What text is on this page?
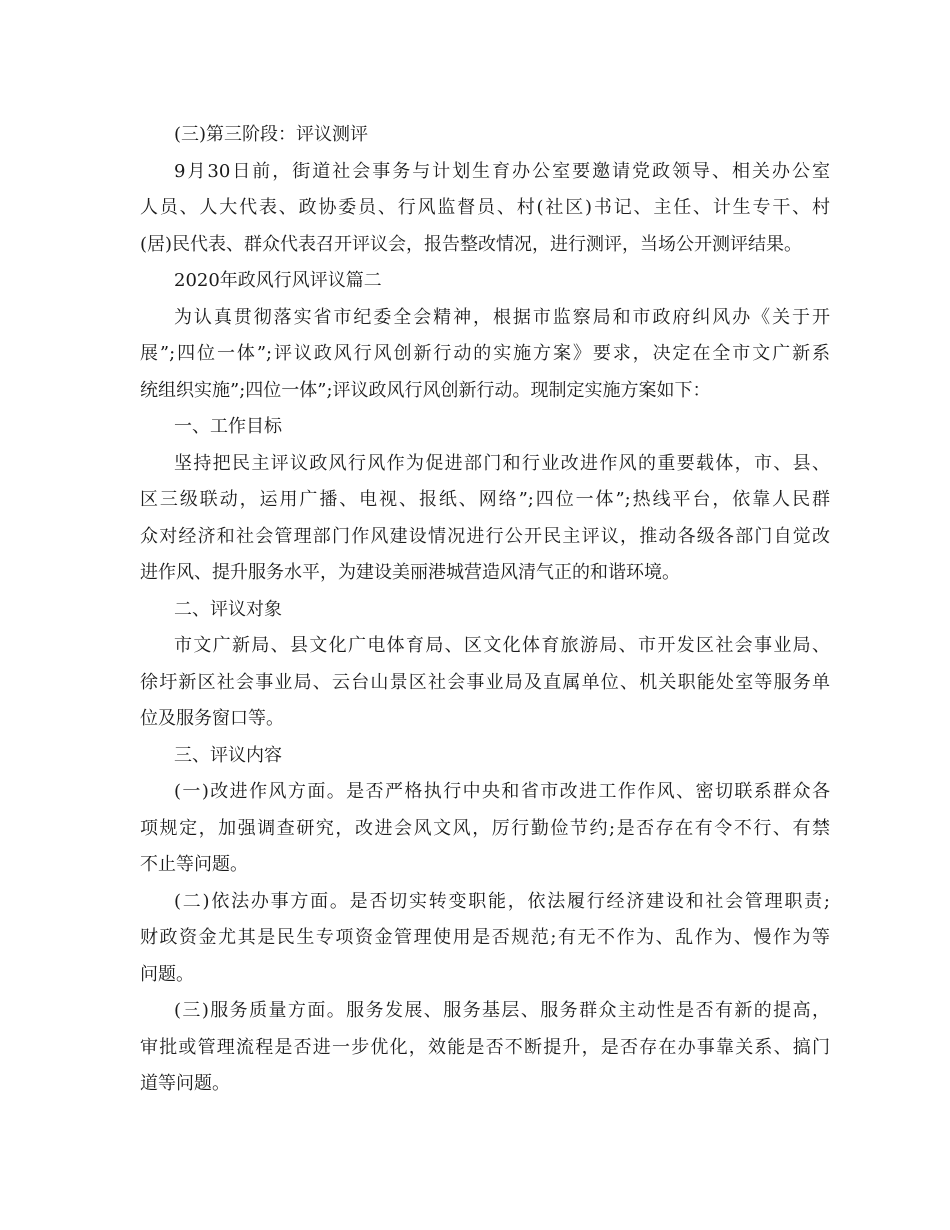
(三)第三阶段：评议测评
9月30日前，街道社会事务与计划生育办公室要邀请党政领导、相关办公室
人员、人大代表、政协委员、行风监督员、村(社区)书记、主任、计生专干、村
(居)民代表、群众代表召开评议会，报告整改情况，进行测评，当场公开测评结果。
2020年政风行风评议篇二
为认真贯彻落实省市纪委全会精神，根据市监察局和市政府纠风办《关于开
展”;四位一体”;评议政风行风创新行动的实施方案》要求，决定在全市文广新系
统组织实施”;四位一体”;评议政风行风创新行动。现制定实施方案如下：
一、工作目标
坚持把民主评议政风行风作为促进部门和行业改进作风的重要载体，市、县、
区三级联动，运用广播、电视、报纸、网络”;四位一体”;热线平台，依靠人民群
众对经济和社会管理部门作风建设情况进行公开民主评议，推动各级各部门自觉改
进作风、提升服务水平，为建设美丽港城营造风清气正的和谐环境。
二、评议对象
市文广新局、县文化广电体育局、区文化体育旅游局、市开发区社会事业局、
徐圩新区社会事业局、云台山景区社会事业局及直属单位、机关职能处室等服务单
位及服务窗口等。
三、评议内容
(一)改进作风方面。是否严格执行中央和省市改进工作作风、密切联系群众各
项规定，加强调查研究，改进会风文风，厉行勤俭节约;是否存在有令不行、有禁
不止等问题。
(二)依法办事方面。是否切实转变职能，依法履行经济建设和社会管理职责;
财政资金尤其是民生专项资金管理使用是否规范;有无不作为、乱作为、慢作为等
问题。
(三)服务质量方面。服务发展、服务基层、服务群众主动性是否有新的提高，
审批或管理流程是否进一步优化，效能是否不断提升，是否存在办事靠关系、搞门
道等问题。
